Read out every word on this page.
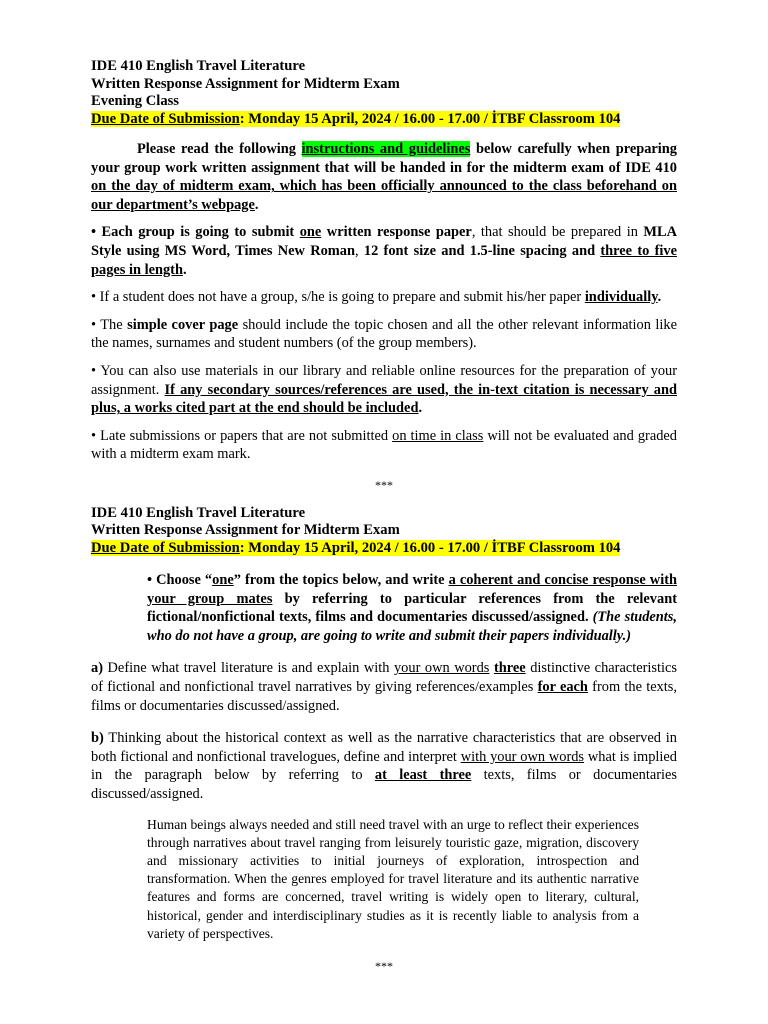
IDE 410 English Travel Literature
Written Response Assignment for Midterm Exam
Evening Class
Due Date of Submission: Monday 15 April, 2024 / 16.00 - 17.00 / İTBF Classroom 104

Please read the following instructions and guidelines below carefully when preparing your group work written assignment that will be handed in for the midterm exam of IDE 410 on the day of midterm exam, which has been officially announced to the class beforehand on our department’s webpage.

• Each group is going to submit one written response paper, that should be prepared in MLA Style using MS Word, Times New Roman, 12 font size and 1.5-line spacing and three to five pages in length.

• If a student does not have a group, s/he is going to prepare and submit his/her paper individually.

• The simple cover page should include the topic chosen and all the other relevant information like the names, surnames and student numbers (of the group members).

• You can also use materials in our library and reliable online resources for the preparation of your assignment. If any secondary sources/references are used, the in-text citation is necessary and plus, a works cited part at the end should be included.

• Late submissions or papers that are not submitted on time in class will not be evaluated and graded with a midterm exam mark.

***
IDE 410 English Travel Literature
Written Response Assignment for Midterm Exam
Due Date of Submission: Monday 15 April, 2024 / 16.00 - 17.00 / İTBF Classroom 104

• Choose “one” from the topics below, and write a coherent and concise response with your group mates by referring to particular references from the relevant fictional/nonfictional texts, films and documentaries discussed/assigned. (The students, who do not have a group, are going to write and submit their papers individually.)

a) Define what travel literature is and explain with your own words three distinctive characteristics of fictional and nonfictional travel narratives by giving references/examples for each from the texts, films or documentaries discussed/assigned.

b) Thinking about the historical context as well as the narrative characteristics that are observed in both fictional and nonfictional travelogues, define and interpret with your own words what is implied in the paragraph below by referring to at least three texts, films or documentaries discussed/assigned.

Human beings always needed and still need travel with an urge to reflect their experiences through narratives about travel ranging from leisurely touristic gaze, migration, discovery and missionary activities to initial journeys of exploration, introspection and transformation. When the genres employed for travel literature and its authentic narrative features and forms are concerned, travel writing is widely open to literary, cultural, historical, gender and interdisciplinary studies as it is recently liable to analysis from a variety of perspectives.

***
